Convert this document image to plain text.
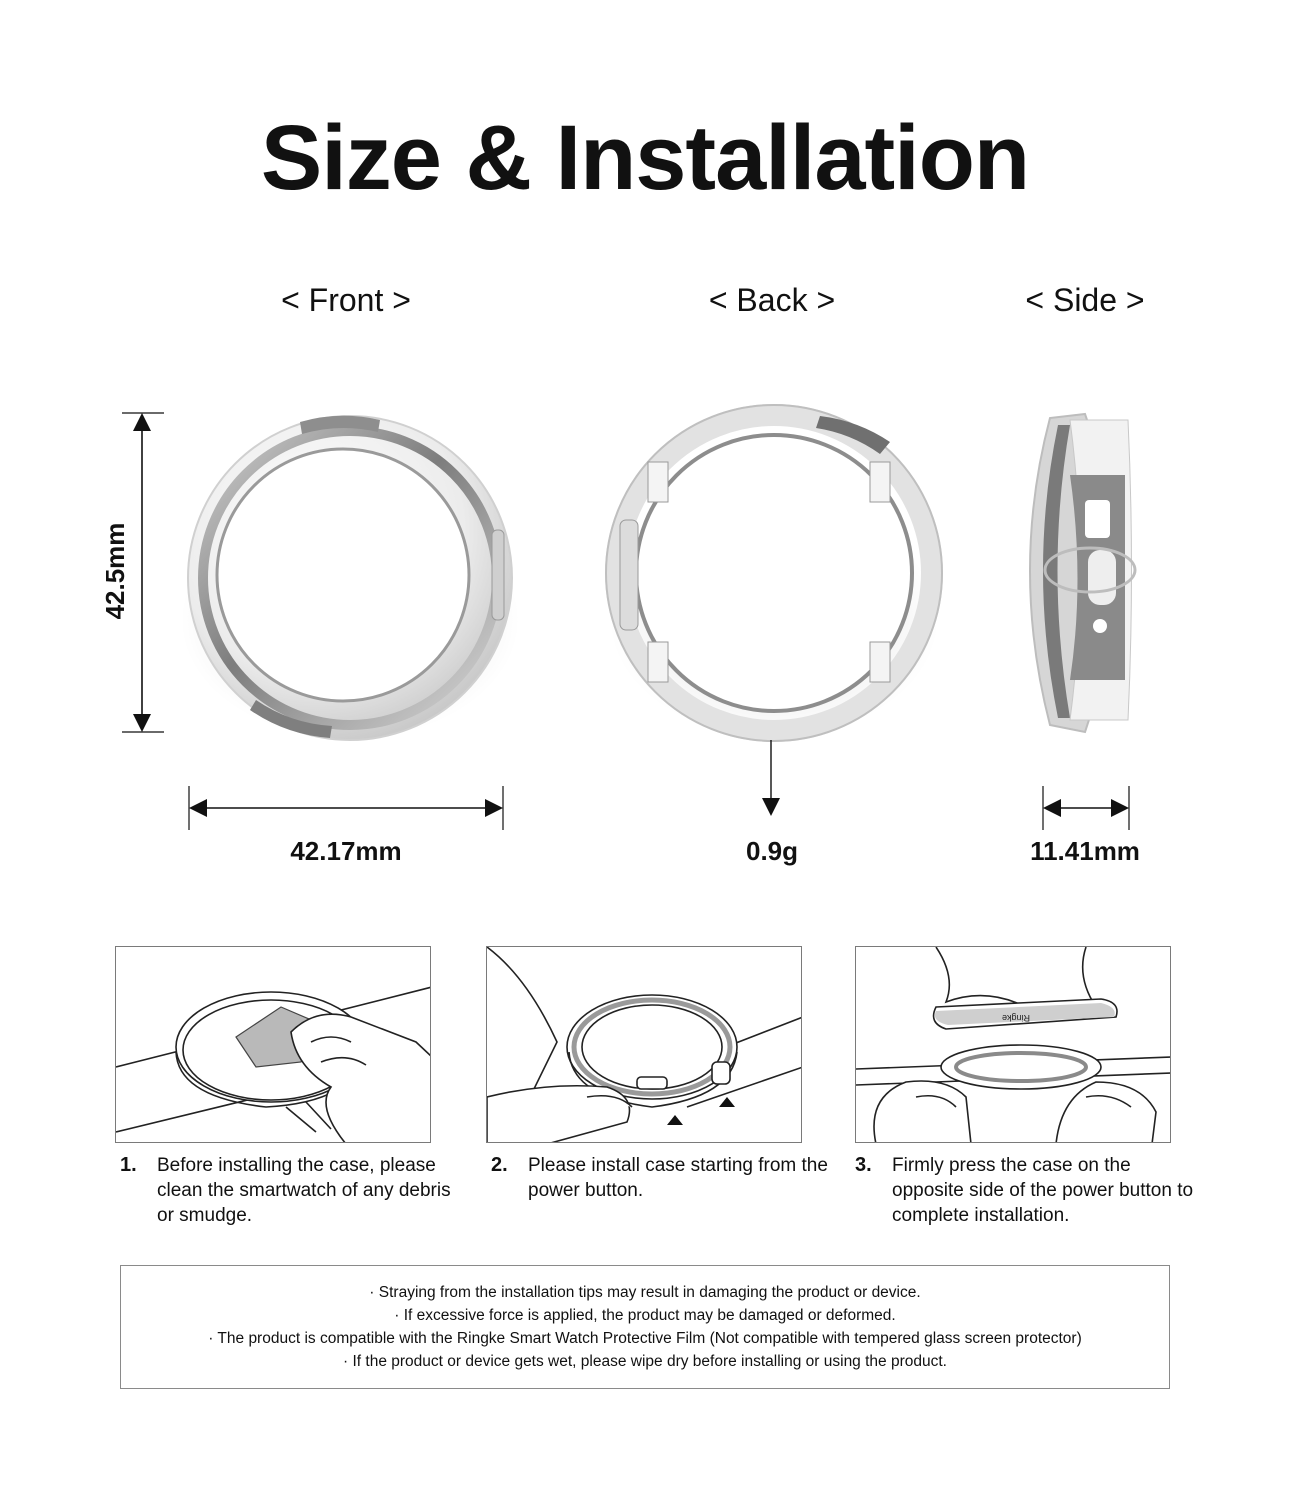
Size & Installation
< Front >	< Back >	< Side >
42.5mm
42.17mm	0.9g	11.41mm
Ringke
1. Before installing the case, please clean the smartwatch of any debris or smudge.
2. Please install case starting from the power button.
3. Firmly press the case on the opposite side of the power button to complete installation.
· Straying from the installation tips may result in damaging the product or device.
· If excessive force is applied, the product may be damaged or deformed.
· The product is compatible with the Ringke Smart Watch Protective Film (Not compatible with tempered glass screen protector)
· If the product or device gets wet, please wipe dry before installing or using the product.
